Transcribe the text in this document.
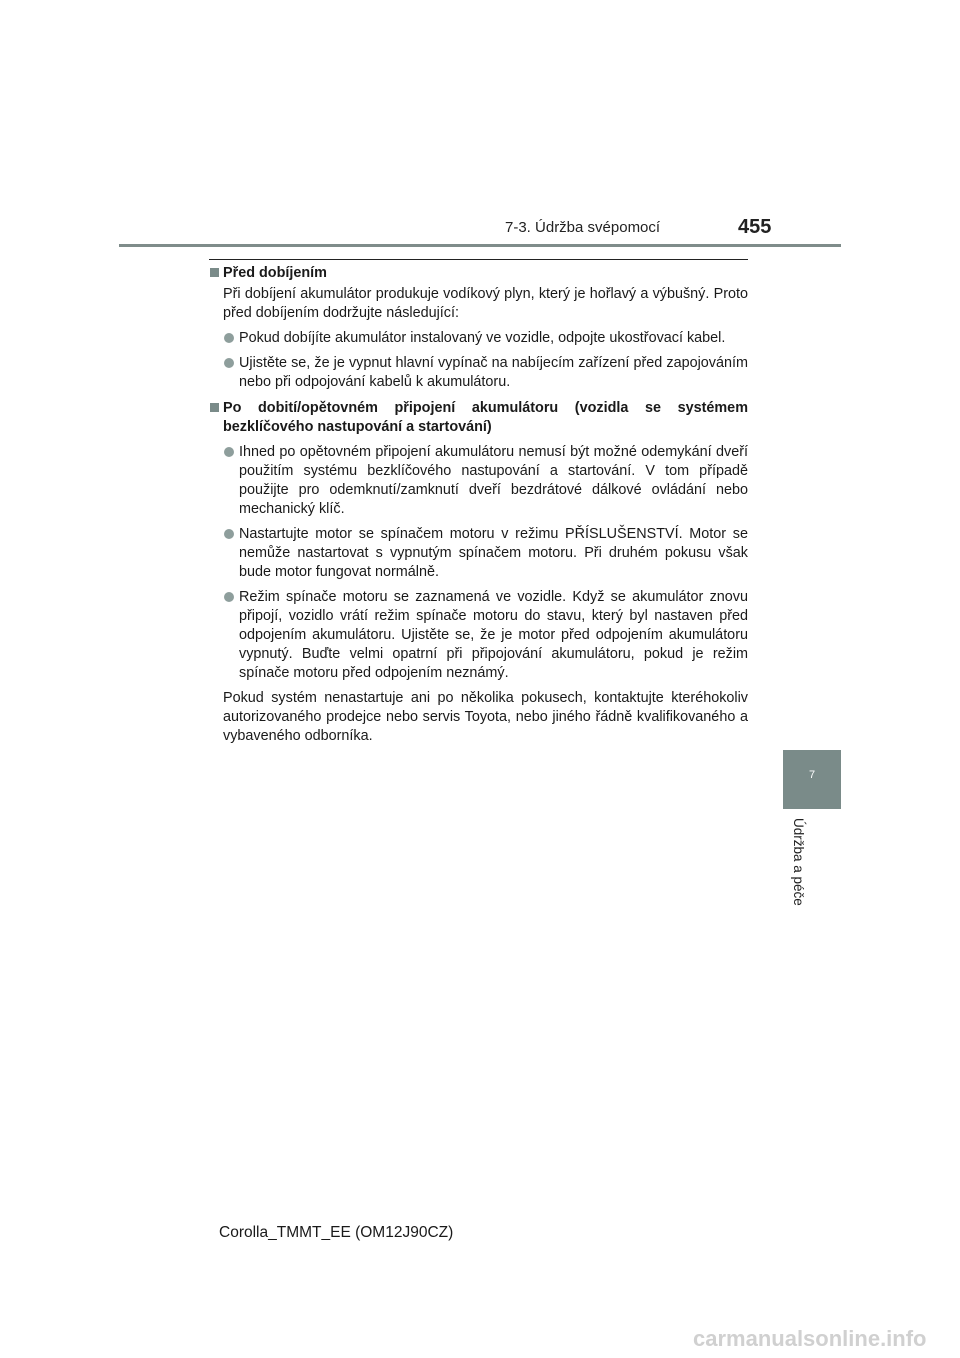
7-3. Údržba svépomocí	455
Před dobíjením
Při dobíjení akumulátor produkuje vodíkový plyn, který je hořlavý a výbušný. Proto před dobíjením dodržujte následující:
Pokud dobíjíte akumulátor instalovaný ve vozidle, odpojte ukostřovací kabel.
Ujistěte se, že je vypnut hlavní vypínač na nabíjecím zařízení před zapojováním nebo při odpojování kabelů k akumulátoru.
Po dobití/opětovném připojení akumulátoru (vozidla se systémem bezklíčového nastupování a startování)
Ihned po opětovném připojení akumulátoru nemusí být možné odemykání dveří použitím systému bezklíčového nastupování a startování. V tom případě použijte pro odemknutí/zamknutí dveří bezdrátové dálkové ovládání nebo mechanický klíč.
Nastartujte motor se spínačem motoru v režimu PŘÍSLUŠENSTVÍ. Motor se nemůže nastartovat s vypnutým spínačem motoru. Při druhém pokusu však bude motor fungovat normálně.
Režim spínače motoru se zaznamená ve vozidle. Když se akumulátor znovu připojí, vozidlo vrátí režim spínače motoru do stavu, který byl nastaven před odpojením akumulátoru. Ujistěte se, že je motor před odpojením akumulátoru vypnutý. Buďte velmi opatrní při připojování akumulátoru, pokud je režim spínače motoru před odpojením neznámý.
Pokud systém nenastartuje ani po několika pokusech, kontaktujte kteréhokoliv autorizovaného prodejce nebo servis Toyota, nebo jiného řádně kvalifikovaného a vybaveného odborníka.
7
Údržba a péče
Corolla_TMMT_EE (OM12J90CZ)
carmanualsonline.info
